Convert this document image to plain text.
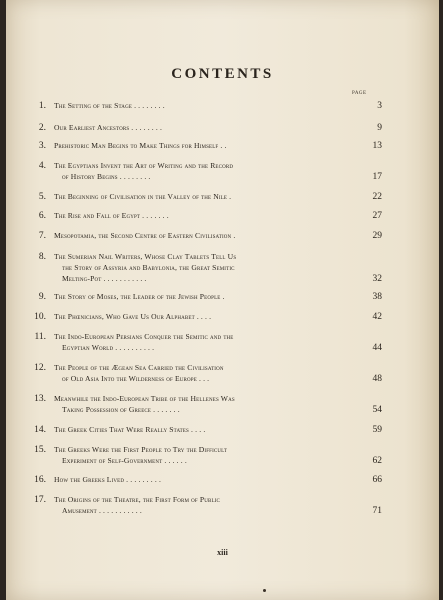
CONTENTS
PAGE
1. The Setting of the Stage . . . . . . . .	3
2. Our Earliest Ancestors . . . . . . . .	9
3. Prehistoric Man Begins to Make Things for Himself . .	13
4. The Egyptians Invent the Art of Writing and the Record
of History Begins . . . . . . . .	17
5. The Beginning of Civilisation in the Valley of the Nile .	22
6. The Rise and Fall of Egypt . . . . . . .	27
7. Mesopotamia, the Second Centre of Eastern Civilisation .	29
8. The Sumerian Nail Writers, Whose Clay Tablets Tell Us
the Story of Assyria and Babylonia, the Great Semitic
Melting-Pot . . . . . . . . . . .	32
9. The Story of Moses, the Leader of the Jewish People .	38
10. The Phœnicians, Who Gave Us Our Alphabet . . . .	42
11. The Indo-European Persians Conquer the Semitic and the
Egyptian World . . . . . . . . . .	44
12. The People of the Ægean Sea Carried the Civilisation
of Old Asia Into the Wilderness of Europe . . .	48
13. Meanwhile the Indo-European Tribe of the Hellenes Was
Taking Possession of Greece . . . . . . .	54
14. The Greek Cities That Were Really States . . . .	59
15. The Greeks Were the First People to Try the Difficult
Experiment of Self-Government . . . . . .	62
16. How the Greeks Lived . . . . . . . . .	66
17. The Origins of the Theatre, the First Form of Public
Amusement . . . . . . . . . . .	71
xiii
